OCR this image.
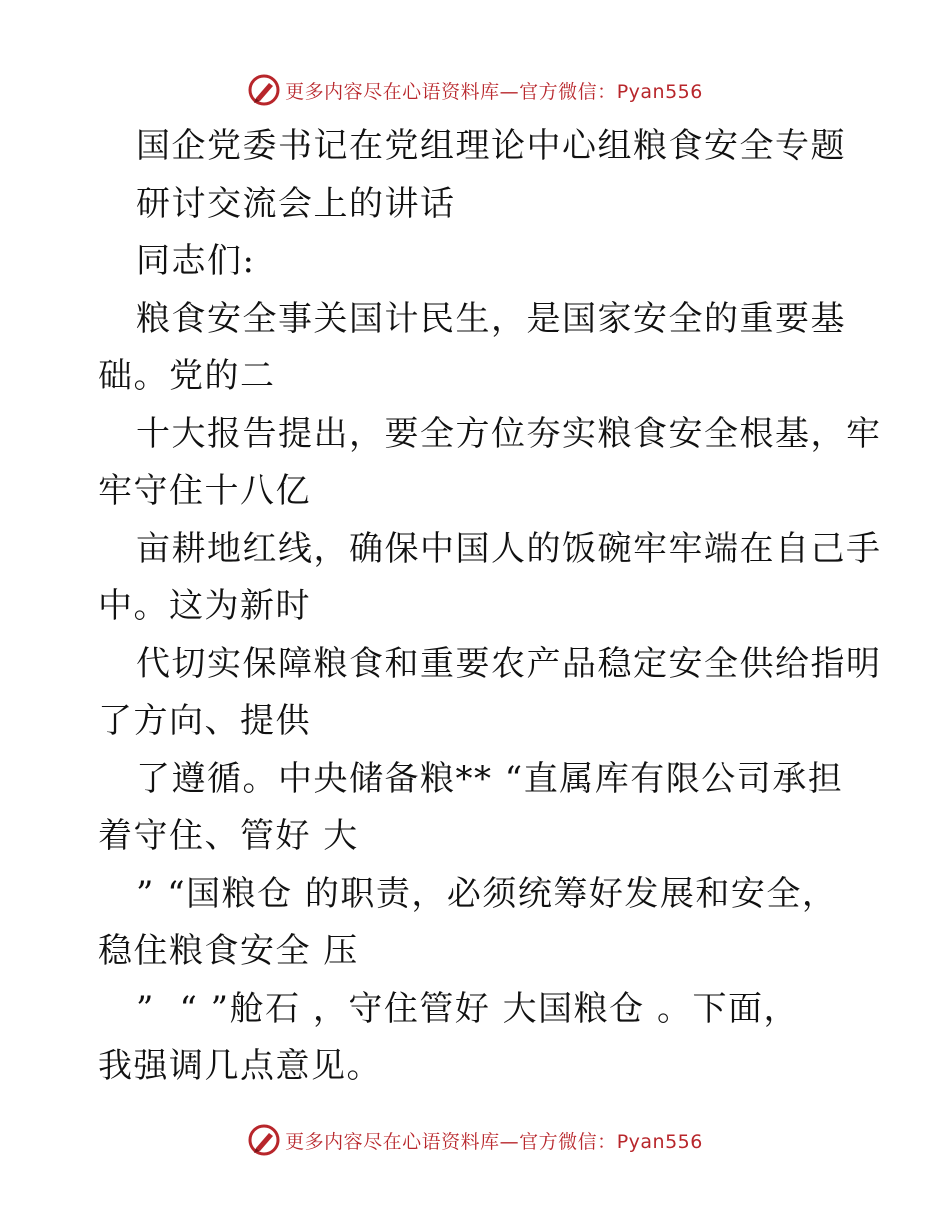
更多内容尽在心语资料库—官方微信：Pyan556
国企党委书记在党组理论中心组粮食安全专题
研讨交流会上的讲话
同志们:
粮食安全事关国计民生，是国家安全的重要基
础。党的二
十大报告提出，要全方位夯实粮食安全根基，牢
牢守住十八亿
亩耕地红线，确保中国人的饭碗牢牢端在自己手
中。这为新时
代切实保障粮食和重要农产品稳定安全供给指明
了方向、提供
了遵循。中央储备粮** “直属库有限公司承担
着守住、管好 大
” “国粮仓 的职责，必须统筹好发展和安全，
稳住粮食安全 压
”  “ ”舱石 ，守住管好 大国粮仓 。下面，
我强调几点意见。
更多内容尽在心语资料库—官方微信：Pyan556
